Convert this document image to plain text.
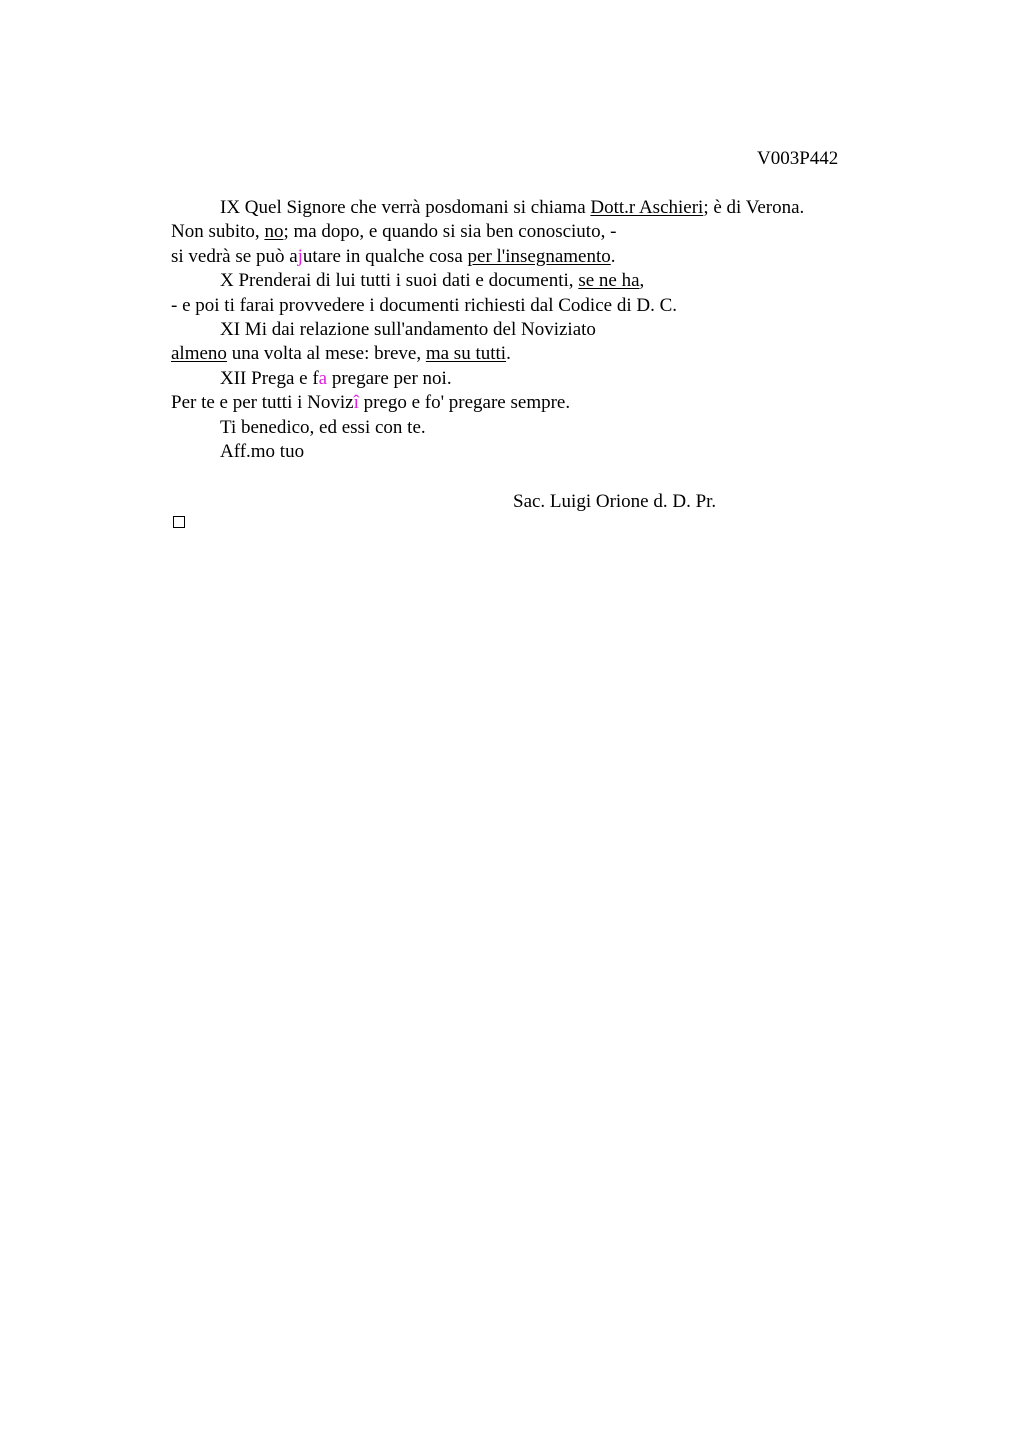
V003P442
IX Quel Signore che verrà posdomani si chiama Dott.r Aschieri; è di Verona.
Non subito, no; ma dopo, e quando si sia ben conosciuto, -
si vedrà se può ajutare in qualche cosa per l'insegnamento.
X Prenderai di lui tutti i suoi dati e documenti, se ne ha,
- e poi ti farai provvedere i documenti richiesti dal Codice di D. C.
XI Mi dai relazione sull'andamento del Noviziato
almeno una volta al mese: breve, ma su tutti.
XII Prega e fa pregare per noi.
Per te e per tutti i Novizî prego e fo' pregare sempre.
Ti benedico, ed essi con te.
Aff.mo tuo
Sac. Luigi Orione d. D. Pr.
